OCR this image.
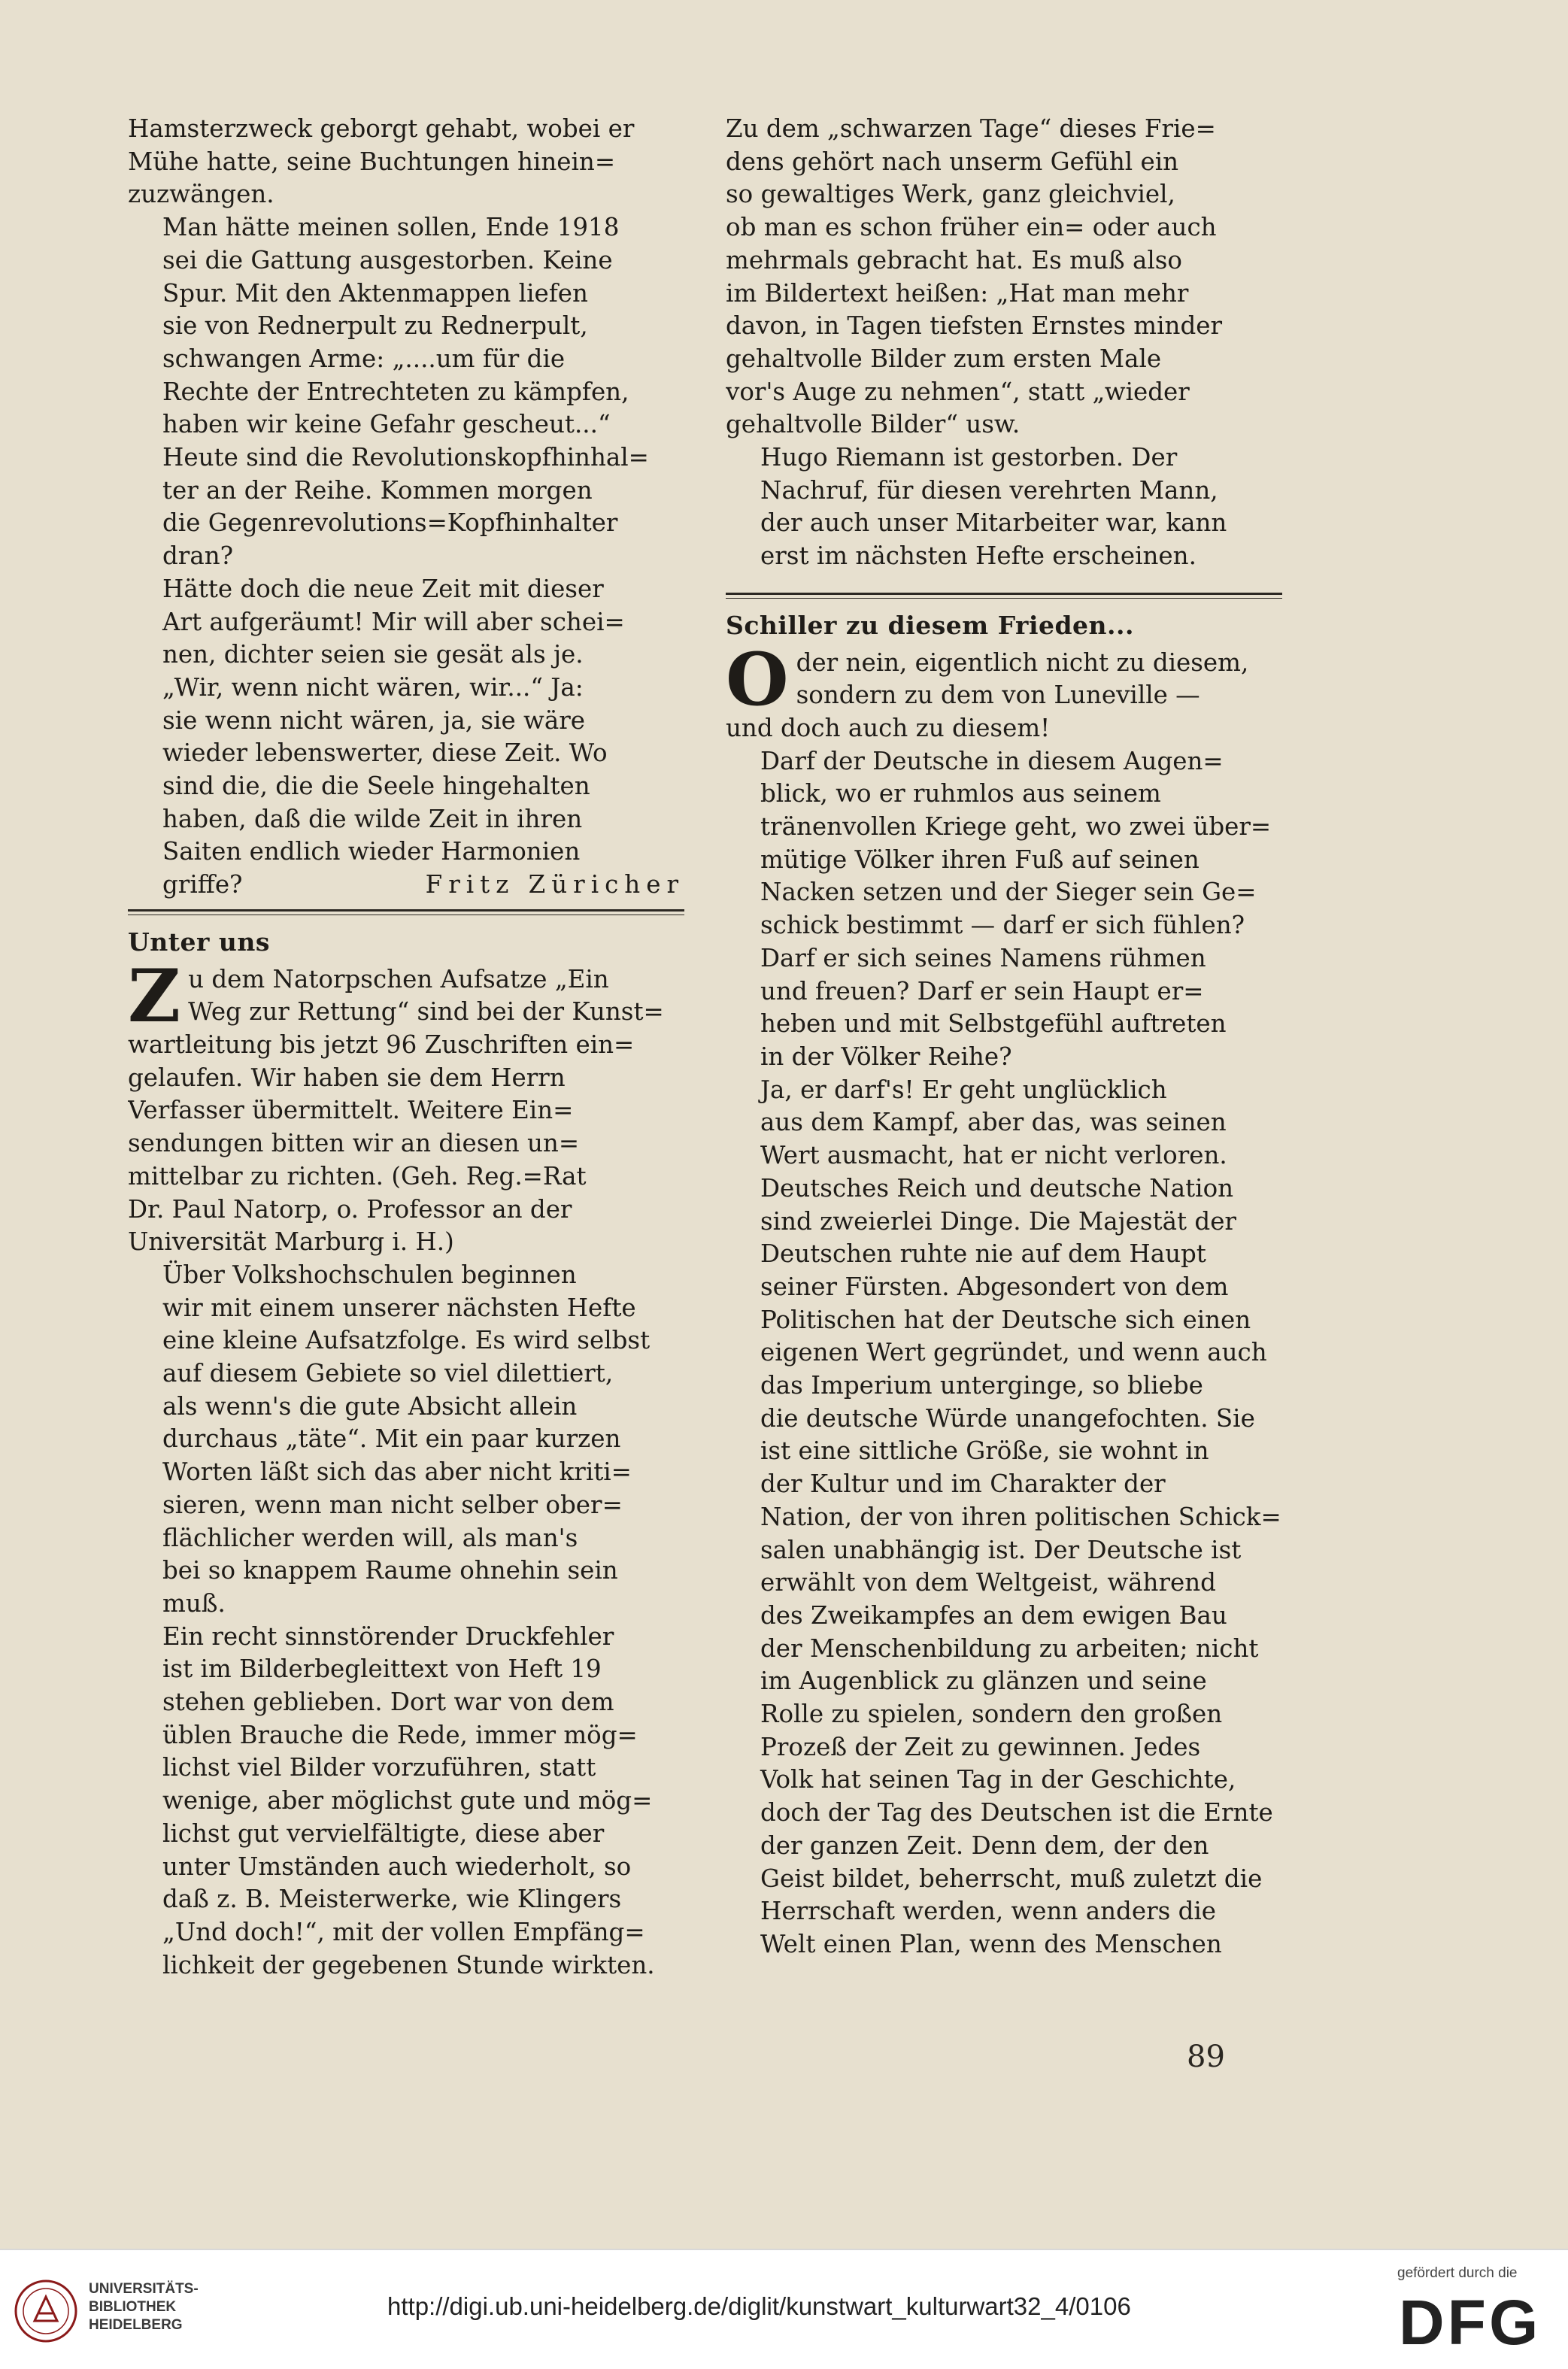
Hamsterzweck geborgt gehabt, wobei er
Mühe hatte, seine Buchtungen hinein=
zuzwängen.

Man hätte meinen sollen, Ende 1918
sei die Gattung ausgestorben. Keine
Spur. Mit den Aktenmappen liefen
sie von Rednerpult zu Rednerpult,
schwangen Arme: „....um für die
Rechte der Entrechteten zu kämpfen,
haben wir keine Gefahr gescheut...“
Heute sind die Revolutionskopfhinhal=
ter an der Reihe. Kommen morgen
die Gegenrevolutions=Kopfhinhalter
dran?

Hätte doch die neue Zeit mit dieser
Art aufgeräumt! Mir will aber schei=
nen, dichter seien sie gesät als je.
„Wir, wenn nicht wären, wir...“ Ja:
sie wenn nicht wären, ja, sie wäre
wieder lebenswerter, diese Zeit. Wo
sind die, die die Seele hingehalten
haben, daß die wilde Zeit in ihren
Saiten endlich wieder Harmonien
griffe?	Fritz Züricher

Unter uns

Z u dem Natorpschen Aufsatze „Ein
Weg zur Rettung“ sind bei der Kunst=
wartleitung bis jetzt 96 Zuschriften ein=
gelaufen. Wir haben sie dem Herrn
Verfasser übermittelt. Weitere Ein=
sendungen bitten wir an diesen un=
mittelbar zu richten. (Geh. Reg.=Rat
Dr. Paul Natorp, o. Professor an der
Universität Marburg i. H.)

Über Volkshochschulen beginnen
wir mit einem unserer nächsten Hefte
eine kleine Aufsatzfolge. Es wird selbst
auf diesem Gebiete so viel dilettiert,
als wenn's die gute Absicht allein
durchaus „täte“. Mit ein paar kurzen
Worten läßt sich das aber nicht kriti=
sieren, wenn man nicht selber ober=
flächlicher werden will, als man's
bei so knappem Raume ohnehin sein
muß.

Ein recht sinnstörender Druckfehler
ist im Bilderbegleittext von Heft 19
stehen geblieben. Dort war von dem
üblen Brauche die Rede, immer mög=
lichst viel Bilder vorzuführen, statt
wenige, aber möglichst gute und mög=
lichst gut vervielfältigte, diese aber
unter Umständen auch wiederholt, so
daß z. B. Meisterwerke, wie Klingers
„Und doch!“, mit der vollen Empfäng=
lichkeit der gegebenen Stunde wirkten.

Zu dem „schwarzen Tage“ dieses Frie=
dens gehört nach unserm Gefühl ein
so gewaltiges Werk, ganz gleichviel,
ob man es schon früher ein= oder auch
mehrmals gebracht hat. Es muß also
im Bildertext heißen: „Hat man mehr
davon, in Tagen tiefsten Ernstes minder
gehaltvolle Bilder zum ersten Male
vor's Auge zu nehmen“, statt „wieder
gehaltvolle Bilder“ usw.

Hugo Riemann ist gestorben. Der
Nachruf, für diesen verehrten Mann,
der auch unser Mitarbeiter war, kann
erst im nächsten Hefte erscheinen.

Schiller zu diesem Frieden...

O der nein, eigentlich nicht zu diesem,
sondern zu dem von Luneville —
und doch auch zu diesem!

Darf der Deutsche in diesem Augen=
blick, wo er ruhmlos aus seinem
tränenvollen Kriege geht, wo zwei über=
mütige Völker ihren Fuß auf seinen
Nacken setzen und der Sieger sein Ge=
schick bestimmt — darf er sich fühlen?
Darf er sich seines Namens rühmen
und freuen? Darf er sein Haupt er=
heben und mit Selbstgefühl auftreten
in der Völker Reihe?

Ja, er darf's! Er geht unglücklich
aus dem Kampf, aber das, was seinen
Wert ausmacht, hat er nicht verloren.
Deutsches Reich und deutsche Nation
sind zweierlei Dinge. Die Majestät der
Deutschen ruhte nie auf dem Haupt
seiner Fürsten. Abgesondert von dem
Politischen hat der Deutsche sich einen
eigenen Wert gegründet, und wenn auch
das Imperium unterginge, so bliebe
die deutsche Würde unangefochten. Sie
ist eine sittliche Größe, sie wohnt in
der Kultur und im Charakter der
Nation, der von ihren politischen Schick=
salen unabhängig ist. Der Deutsche ist
erwählt von dem Weltgeist, während
des Zweikampfes an dem ewigen Bau
der Menschenbildung zu arbeiten; nicht
im Augenblick zu glänzen und seine
Rolle zu spielen, sondern den großen
Prozeß der Zeit zu gewinnen. Jedes
Volk hat seinen Tag in der Geschichte,
doch der Tag des Deutschen ist die Ernte
der ganzen Zeit. Denn dem, der den
Geist bildet, beherrscht, muß zuletzt die
Herrschaft werden, wenn anders die
Welt einen Plan, wenn des Menschen

89
UNIVERSITÄTS-
BIBLIOTHEK
HEIDELBERG
http://digi.ub.uni-heidelberg.de/diglit/kunstwart_kulturwart32_4/0106
gefördert durch die
DFG
